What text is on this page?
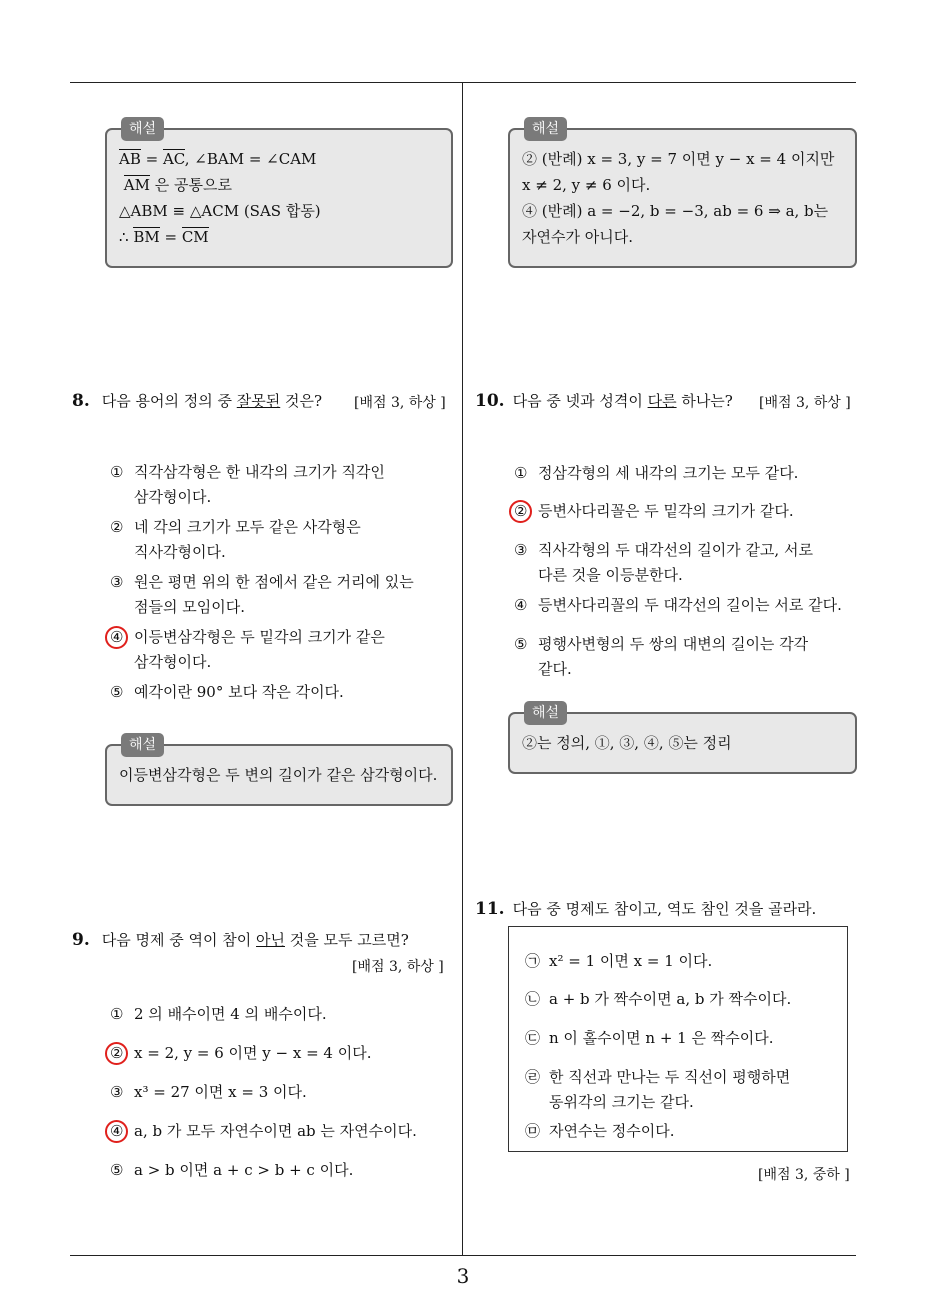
해설
AB = AC, ∠BAM = ∠CAM
AM 은 공통으로
△ABM ≡ △ACM (SAS 합동)
∴ BM = CM
해설
② (반례) x = 3, y = 7 이면 y − x = 4 이지만
x ≠ 2, y ≠ 6 이다.
④ (반례) a = −2, b = −3, ab = 6 ⇒ a, b는
자연수가 아니다.
8. 다음 용어의 정의 중 잘못된 것은? [배점 3, 하상 ]
① 직각삼각형은 한 내각의 크기가 직각인
삼각형이다.
② 네 각의 크기가 모두 같은 사각형은
직사각형이다.
③ 원은 평면 위의 한 점에서 같은 거리에 있는
점들의 모임이다.
④ 이등변삼각형은 두 밑각의 크기가 같은
삼각형이다.
⑤ 예각이란 90° 보다 작은 각이다.
해설
이등변삼각형은 두 변의 길이가 같은 삼각형이다.
9. 다음 명제 중 역이 참이 아닌 것을 모두 고르면?
[배점 3, 하상 ]
① 2 의 배수이면 4 의 배수이다.
② x = 2, y = 6 이면 y − x = 4 이다.
③ x³ = 27 이면 x = 3 이다.
④ a, b 가 모두 자연수이면 ab 는 자연수이다.
⑤ a > b 이면 a + c > b + c 이다.
10. 다음 중 넷과 성격이 다른 하나는? [배점 3, 하상 ]
① 정삼각형의 세 내각의 크기는 모두 같다.
② 등변사다리꼴은 두 밑각의 크기가 같다.
③ 직사각형의 두 대각선의 길이가 같고, 서로
다른 것을 이등분한다.
④ 등변사다리꼴의 두 대각선의 길이는 서로 같다.
⑤ 평행사변형의 두 쌍의 대변의 길이는 각각
같다.
해설
②는 정의, ①, ③, ④, ⑤는 정리
11. 다음 중 명제도 참이고, 역도 참인 것을 골라라.
㉠ x² = 1 이면 x = 1 이다.
㉡ a + b 가 짝수이면 a, b 가 짝수이다.
㉢ n 이 홀수이면 n + 1 은 짝수이다.
㉣ 한 직선과 만나는 두 직선이 평행하면
동위각의 크기는 같다.
㉤ 자연수는 정수이다.
[배점 3, 중하 ]
3
